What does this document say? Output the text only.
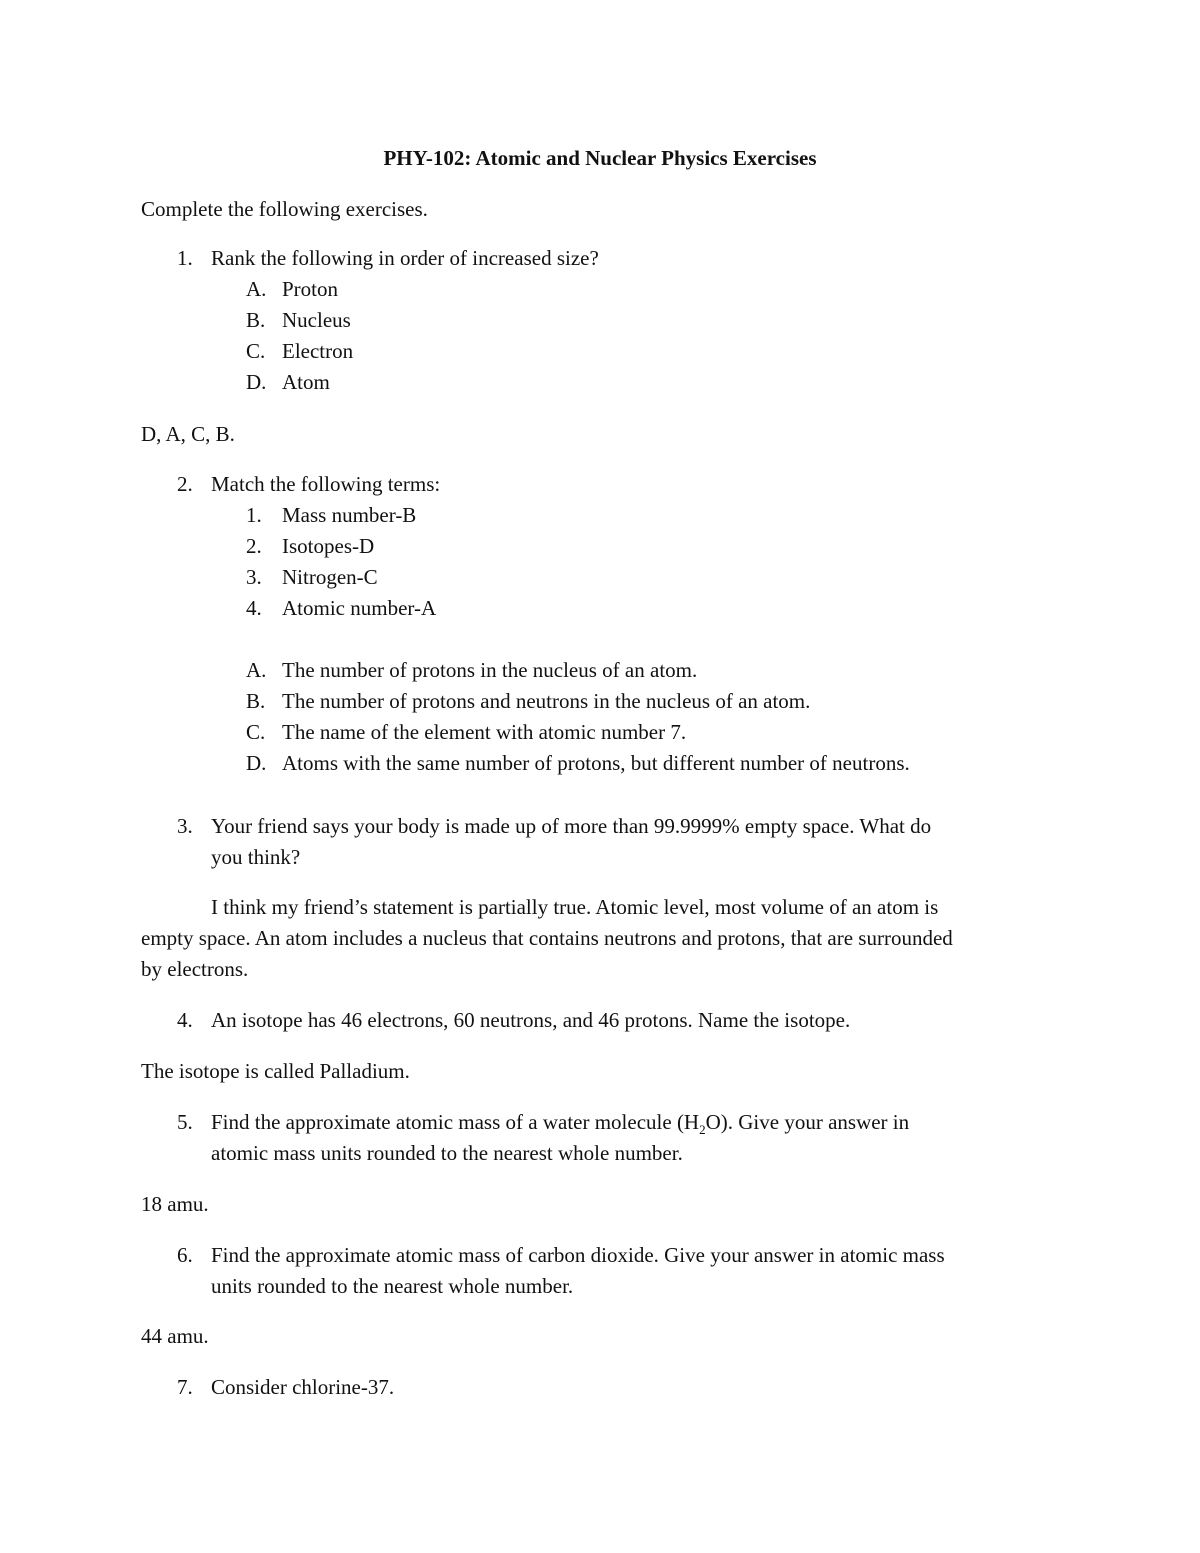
PHY-102: Atomic and Nuclear Physics Exercises
Complete the following exercises.
1. Rank the following in order of increased size?
A. Proton
B. Nucleus
C. Electron
D. Atom
D, A, C, B.
2. Match the following terms:
1. Mass number-B
2. Isotopes-D
3. Nitrogen-C
4. Atomic number-A
A. The number of protons in the nucleus of an atom.
B. The number of protons and neutrons in the nucleus of an atom.
C. The name of the element with atomic number 7.
D. Atoms with the same number of protons, but different number of neutrons.
3. Your friend says your body is made up of more than 99.9999% empty space. What do
you think?
I think my friend’s statement is partially true. Atomic level, most volume of an atom is
empty space. An atom includes a nucleus that contains neutrons and protons, that are surrounded
by electrons.
4. An isotope has 46 electrons, 60 neutrons, and 46 protons. Name the isotope.
The isotope is called Palladium.
5. Find the approximate atomic mass of a water molecule $(H_2O)$. Give your answer in
atomic mass units rounded to the nearest whole number.
18 amu.
6. Find the approximate atomic mass of carbon dioxide. Give your answer in atomic mass
units rounded to the nearest whole number.
44 amu.
7. Consider chlorine-37.
